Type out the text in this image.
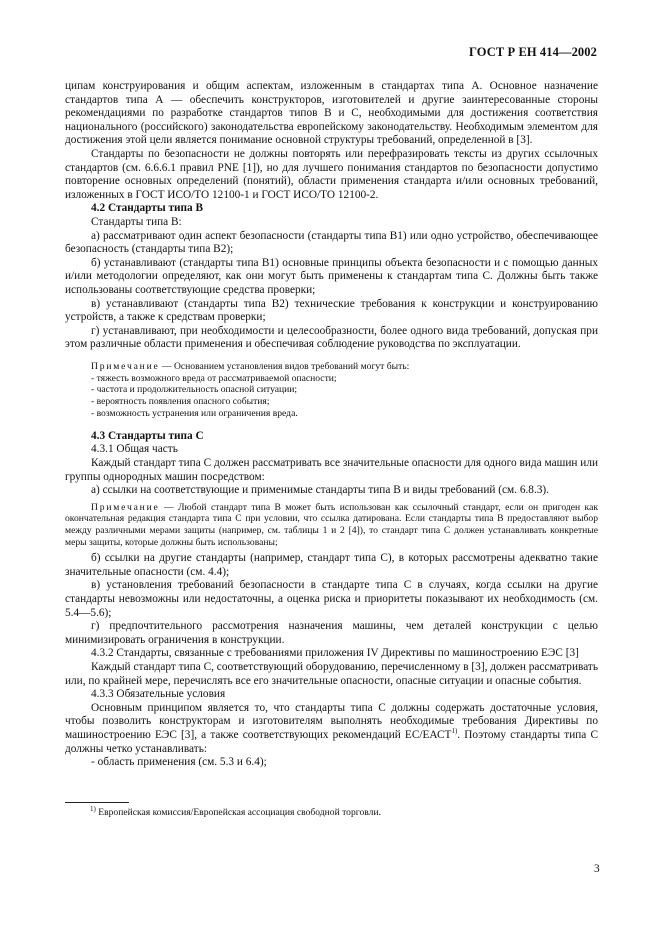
ГОСТ Р ЕН 414—2002

ципам конструирования и общим аспектам, изложенным в стандартах типа А. Основное назначение стандартов типа А — обеспечить конструкторов, изготовителей и другие заинтересованные стороны рекомендациями по разработке стандартов типов В и С, необходимыми для достижения соответствия национального (российского) законодательства европейскому законодательству. Необходимым элементом для достижения этой цели является понимание основной структуры требований, определенной в [3].

Стандарты по безопасности не должны повторять или перефразировать тексты из других ссылочных стандартов (см. 6.6.6.1 правил PNE [1]), но для лучшего понимания стандартов по безопасности допустимо повторение основных определений (понятий), области применения стандарта и/или основных требований, изложенных в ГОСТ ИСО/ТО 12100-1 и ГОСТ ИСО/ТО 12100-2.

4.2 Стандарты типа В

Стандарты типа В:

а) рассматривают один аспект безопасности (стандарты типа В1) или одно устройство, обеспечивающее безопасность (стандарты типа В2);

б) устанавливают (стандарты типа В1) основные принципы объекта безопасности и с помощью данных и/или методологии определяют, как они могут быть применены к стандартам типа С. Должны быть также использованы соответствующие средства проверки;

в) устанавливают (стандарты типа В2) технические требования к конструкции и конструированию устройств, а также к средствам проверки;

г) устанавливают, при необходимости и целесообразности, более одного вида требований, допуская при этом различные области применения и обеспечивая соблюдение руководства по эксплуатации.

Примечание — Основанием установления видов требований могут быть:

- тяжесть возможного вреда от рассматриваемой опасности;

- частота и продолжительность опасной ситуации;

- вероятность появления опасного события;

- возможность устранения или ограничения вреда.

4.3 Стандарты типа С

4.3.1 Общая часть

Каждый стандарт типа С должен рассматривать все значительные опасности для одного вида машин или группы однородных машин посредством:

а) ссылки на соответствующие и применимые стандарты типа В и виды требований (см. 6.8.3).

Примечание — Любой стандарт типа В может быть использован как ссылочный стандарт, если он пригоден как окончательная редакция стандарта типа С при условии, что ссылка датирована. Если стандарты типа В предоставляют выбор между различными мерами защиты (например, см. таблицы 1 и 2 [4]), то стандарт типа С должен устанавливать конкретные меры защиты, которые должны быть использованы;

б) ссылки на другие стандарты (например, стандарт типа С), в которых рассмотрены адекватно такие значительные опасности (см. 4.4);

в) установления требований безопасности в стандарте типа С в случаях, когда ссылки на другие стандарты невозможны или недостаточны, а оценка риска и приоритеты показывают их необходимость (см. 5.4—5.6);

г) предпочтительного рассмотрения назначения машины, чем деталей конструкции с целью минимизировать ограничения в конструкции.

4.3.2 Стандарты, связанные с требованиями приложения IV Директивы по машиностроению ЕЭС [3]

Каждый стандарт типа С, соответствующий оборудованию, перечисленному в [3], должен рассматривать или, по крайней мере, перечислять все его значительные опасности, опасные ситуации и опасные события.

4.3.3 Обязательные условия

Основным принципом является то, что стандарты типа С должны содержать достаточные условия, чтобы позволить конструкторам и изготовителям выполнять необходимые требования Директивы по машиностроению ЕЭС [3], а также соответствующих рекомендаций ЕС/ЕАСТ$^{1)}$. Поэтому стандарты типа С должны четко устанавливать:

- область применения (см. 5.3 и 6.4);

$^{1)}$ Европейская комиссия/Европейская ассоциация свободной торговли.
3
